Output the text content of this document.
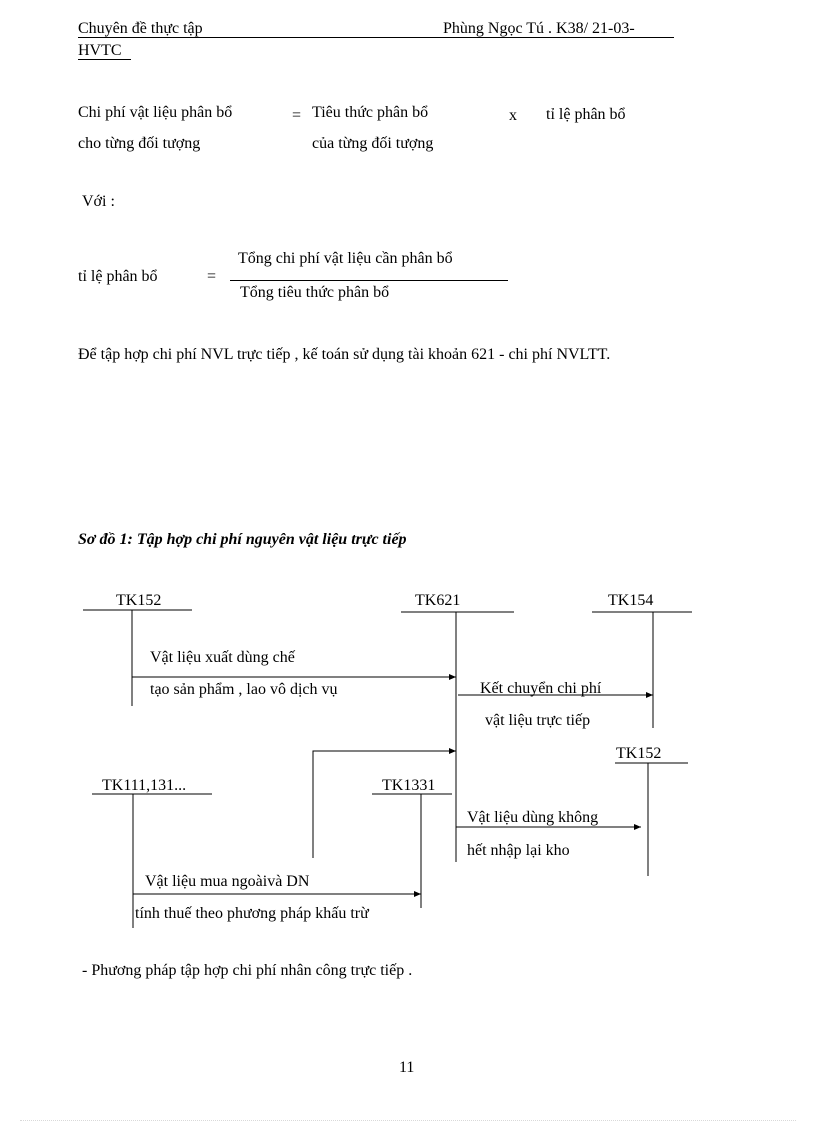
Chuyên đề thực tập	Phùng Ngọc Tú . K38/ 21-03-
HVTC
Chi phí vật liệu phân bổ
cho từng đối tượng
= Tiêu thức phân bổ
của từng đối tượng
x tỉ lệ phân bổ
Với :
tỉ lệ phân bổ	=
Tổng chi phí vật liệu cần phân bổ
Tổng tiêu thức phân bổ
Để tập hợp chi phí NVL trực tiếp , kế toán sử dụng tài khoản 621 - chi phí NVLTT.
Sơ đồ 1: Tập hợp chi phí nguyên vật liệu trực tiếp
TK152	TK621	TK154
TK152
TK111,131...	TK1331
Vật liệu xuất dùng chế
tạo sản phẩm , lao vô dịch vụ	Kết chuyển chi phí
vật liệu trực tiếp
Vật liệu dùng không
hết nhập lại kho
Vật liệu mua ngoàivà DN
tính thuế theo phương pháp khấu trừ
- Phương pháp tập hợp chi phí nhân công trực tiếp .
11
